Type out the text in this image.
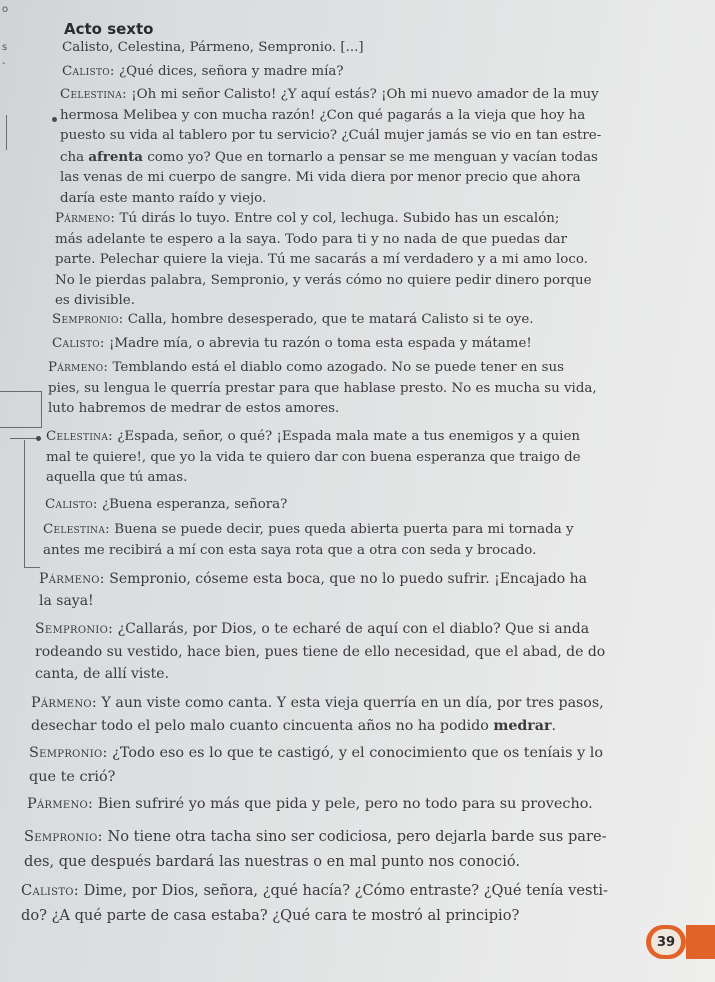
o
s
-
Acto sexto
Calisto, Celestina, Pármeno, Sempronio. [...]
Calisto: ¿Qué dices, señora y madre mía?
Celestina: ¡Oh mi señor Calisto! ¿Y aquí estás? ¡Oh mi nuevo amador de la muy
hermosa Melibea y con mucha razón! ¿Con qué pagarás a la vieja que hoy ha
puesto su vida al tablero por tu servicio? ¿Cuál mujer jamás se vio en tan estre-
cha afrenta como yo? Que en tornarlo a pensar se me menguan y vacían todas
las venas de mi cuerpo de sangre. Mi vida diera por menor precio que ahora
daría este manto raído y viejo.
Pármeno: Tú dirás lo tuyo. Entre col y col, lechuga. Subido has un escalón;
más adelante te espero a la saya. Todo para ti y no nada de que puedas dar
parte. Pelechar quiere la vieja. Tú me sacarás a mí verdadero y a mi amo loco.
No le pierdas palabra, Sempronio, y verás cómo no quiere pedir dinero porque
es divisible.
Sempronio: Calla, hombre desesperado, que te matará Calisto si te oye.
Calisto: ¡Madre mía, o abrevia tu razón o toma esta espada y mátame!
Pármeno: Temblando está el diablo como azogado. No se puede tener en sus
pies, su lengua le querría prestar para que hablase presto. No es mucha su vida,
luto habremos de medrar de estos amores.
Celestina: ¿Espada, señor, o qué? ¡Espada mala mate a tus enemigos y a quien
mal te quiere!, que yo la vida te quiero dar con buena esperanza que traigo de
aquella que tú amas.
Calisto: ¿Buena esperanza, señora?
Celestina: Buena se puede decir, pues queda abierta puerta para mi tornada y
antes me recibirá a mí con esta saya rota que a otra con seda y brocado.
Pármeno: Sempronio, cóseme esta boca, que no lo puedo sufrir. ¡Encajado ha
la saya!
Sempronio: ¿Callarás, por Dios, o te echaré de aquí con el diablo? Que si anda
rodeando su vestido, hace bien, pues tiene de ello necesidad, que el abad, de do
canta, de allí viste.
Pármeno: Y aun viste como canta. Y esta vieja querría en un día, por tres pasos,
desechar todo el pelo malo cuanto cincuenta años no ha podido medrar.
Sempronio: ¿Todo eso es lo que te castigó, y el conocimiento que os teníais y lo
que te crió?
Pármeno: Bien sufriré yo más que pida y pele, pero no todo para su provecho.
Sempronio: No tiene otra tacha sino ser codiciosa, pero dejarla barde sus pare-
des, que después bardará las nuestras o en mal punto nos conoció.
Calisto: Dime, por Dios, señora, ¿qué hacía? ¿Cómo entraste? ¿Qué tenía vesti-
do? ¿A qué parte de casa estaba? ¿Qué cara te mostró al principio?
39
